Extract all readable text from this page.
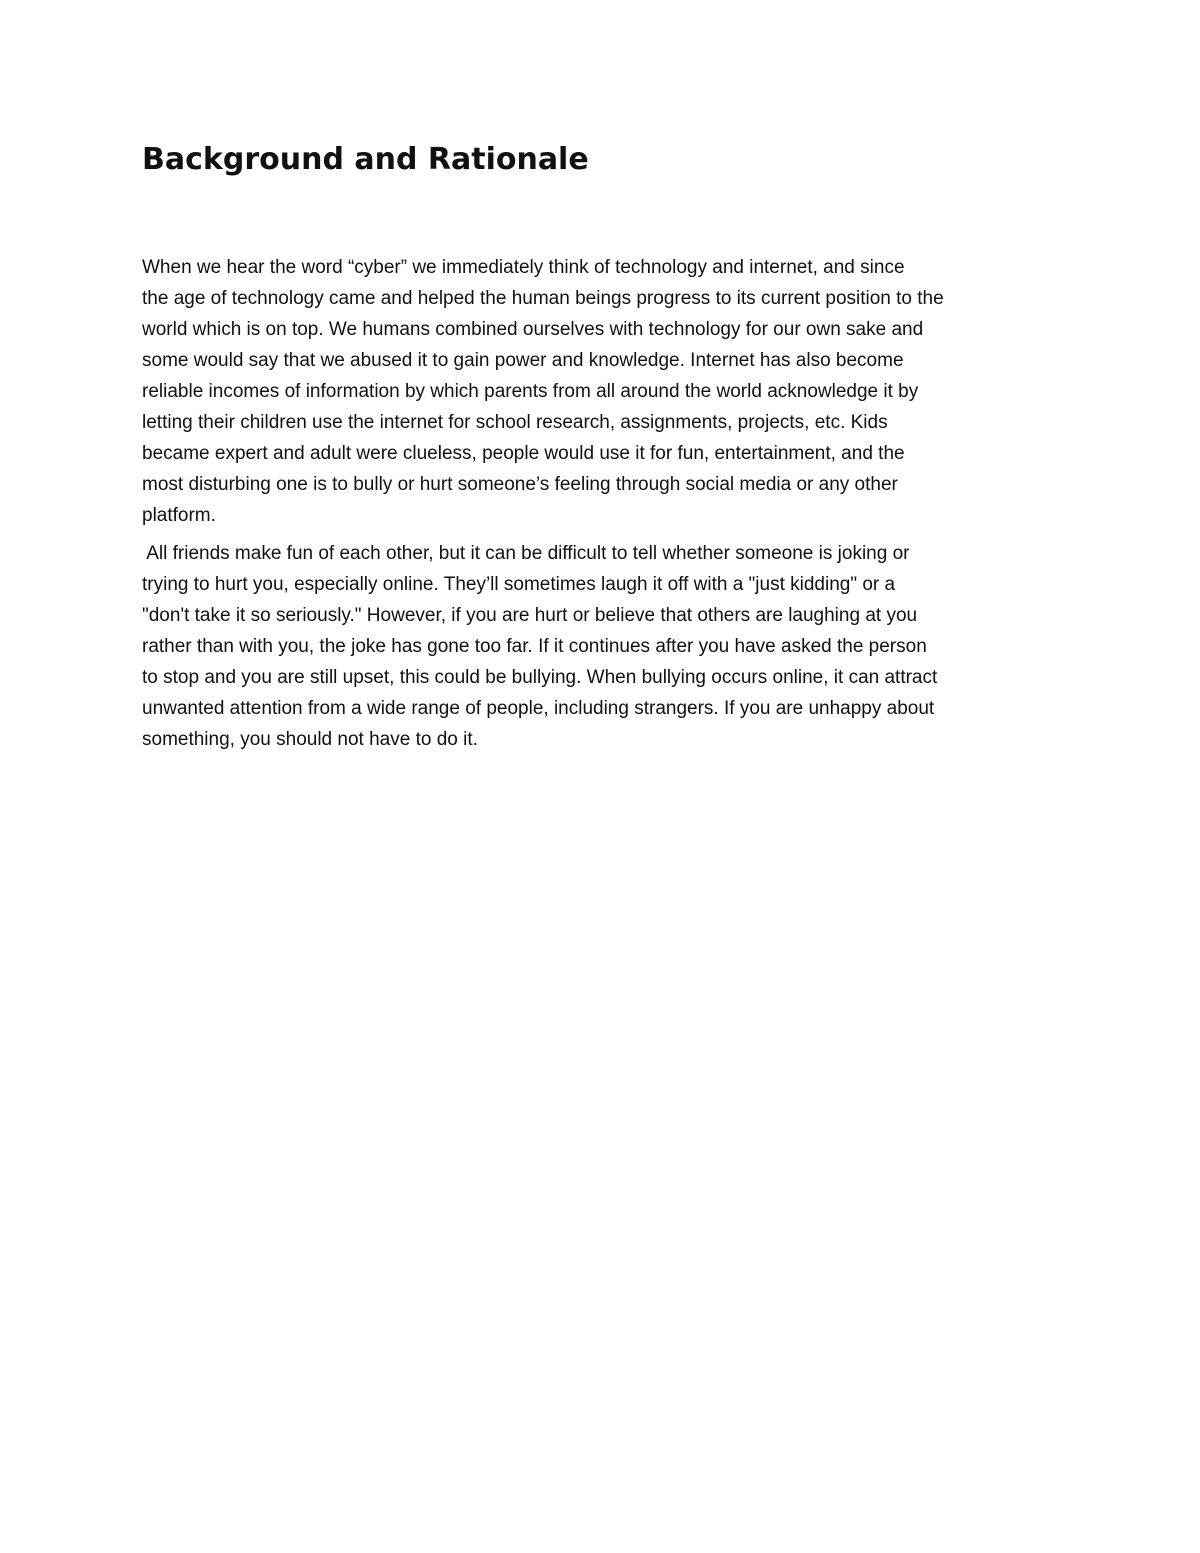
Background and Rationale
When we hear the word “cyber” we immediately think of technology and internet, and since
the age of technology came and helped the human beings progress to its current position to the
world which is on top. We humans combined ourselves with technology for our own sake and
some would say that we abused it to gain power and knowledge. Internet has also become
reliable incomes of information by which parents from all around the world acknowledge it by
letting their children use the internet for school research, assignments, projects, etc. Kids
became expert and adult were clueless, people would use it for fun, entertainment, and the
most disturbing one is to bully or hurt someone’s feeling through social media or any other
platform.
All friends make fun of each other, but it can be difficult to tell whether someone is joking or
trying to hurt you, especially online. They’ll sometimes laugh it off with a "just kidding" or a
"don't take it so seriously." However, if you are hurt or believe that others are laughing at you
rather than with you, the joke has gone too far. If it continues after you have asked the person
to stop and you are still upset, this could be bullying. When bullying occurs online, it can attract
unwanted attention from a wide range of people, including strangers. If you are unhappy about
something, you should not have to do it.
